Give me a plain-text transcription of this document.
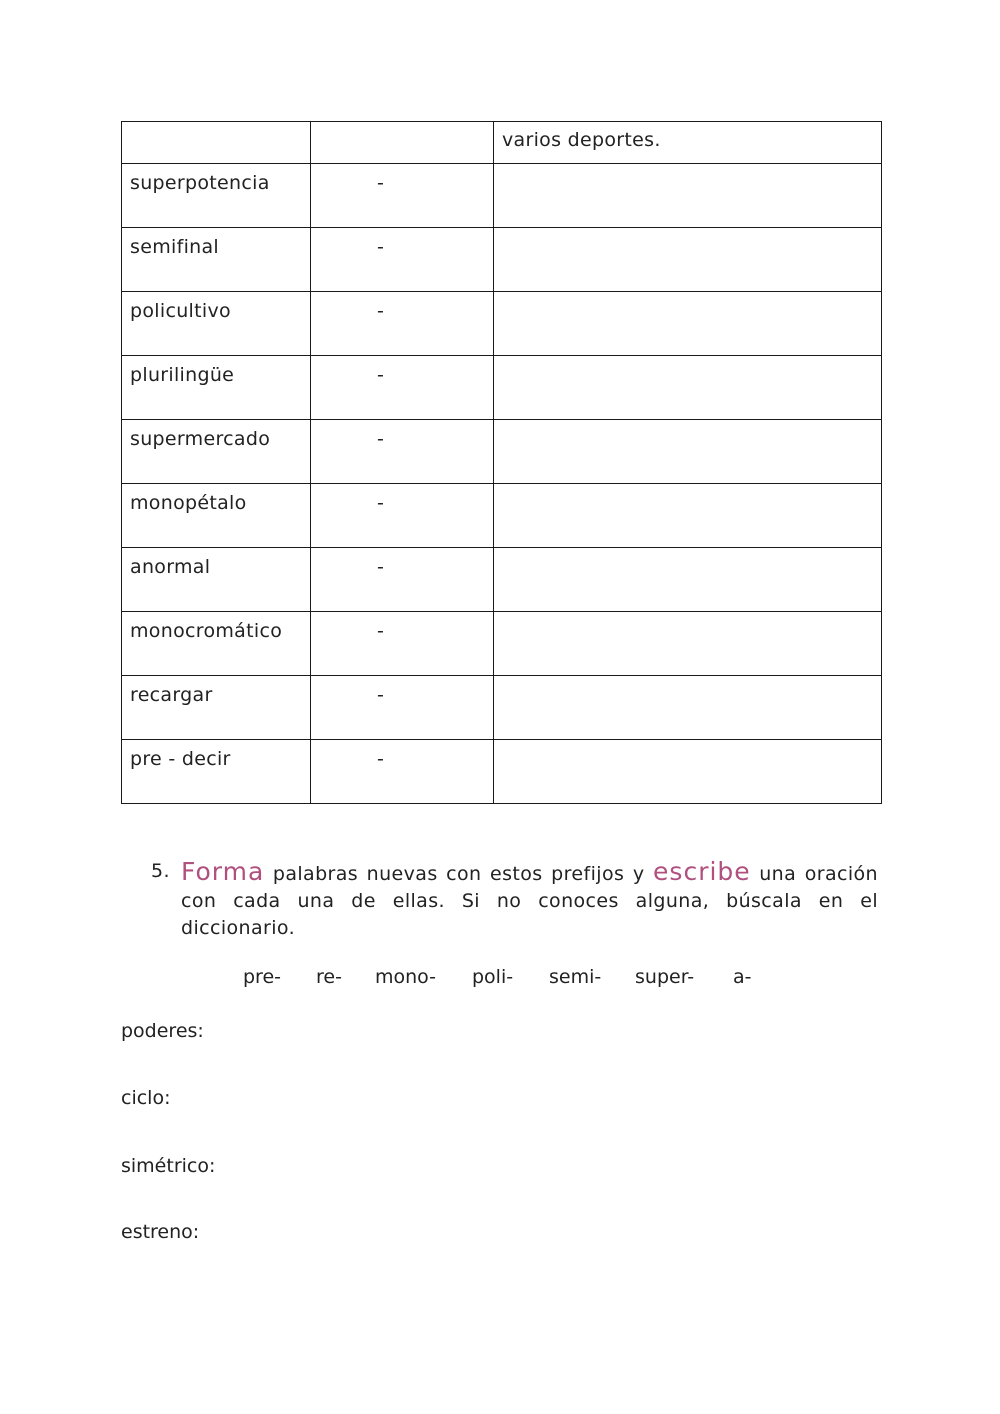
		varios deportes.

superpotencia	-

semifinal	-

policultivo	-

plurilingüe	-

supermercado	-

monopétalo	-

anormal	-

monocromático	-

recargar	-

pre - decir	-

5. Forma palabras nuevas con estos prefijos y escribe una oración con cada una de ellas. Si no conoces alguna, búscala en el diccionario.
pre- re- mono- poli- semi- super- a-
poderes:
ciclo:
simétrico:
estreno:
